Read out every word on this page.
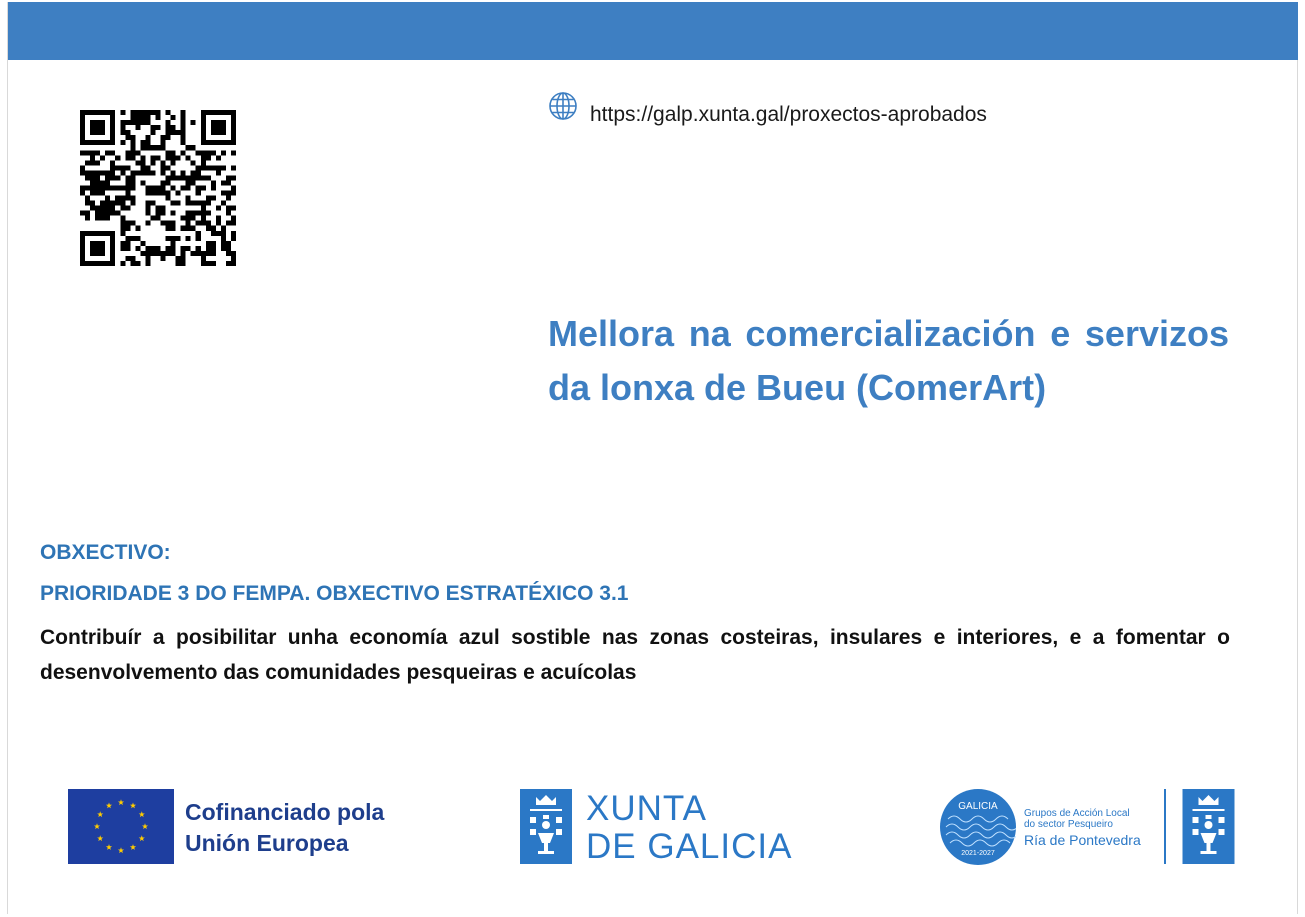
https://galp.xunta.gal/proxectos-aprobados
Mellora na comercialización e servizos da lonxa de Bueu (ComerArt)
OBXECTIVO:
PRIORIDADE 3 DO FEMPA. OBXECTIVO ESTRATÉXICO 3.1
Contribuír a posibilitar unha economía azul sostible nas zonas costeiras, insulares e interiores, e a fomentar o desenvolvemento das comunidades pesqueiras e acuícolas
Cofinanciado pola
Unión Europea
XUNTA
DE GALICIA
GALICIA
2021-2027
Grupos de Acción Local
do sector Pesqueiro
Ría de Pontevedra
